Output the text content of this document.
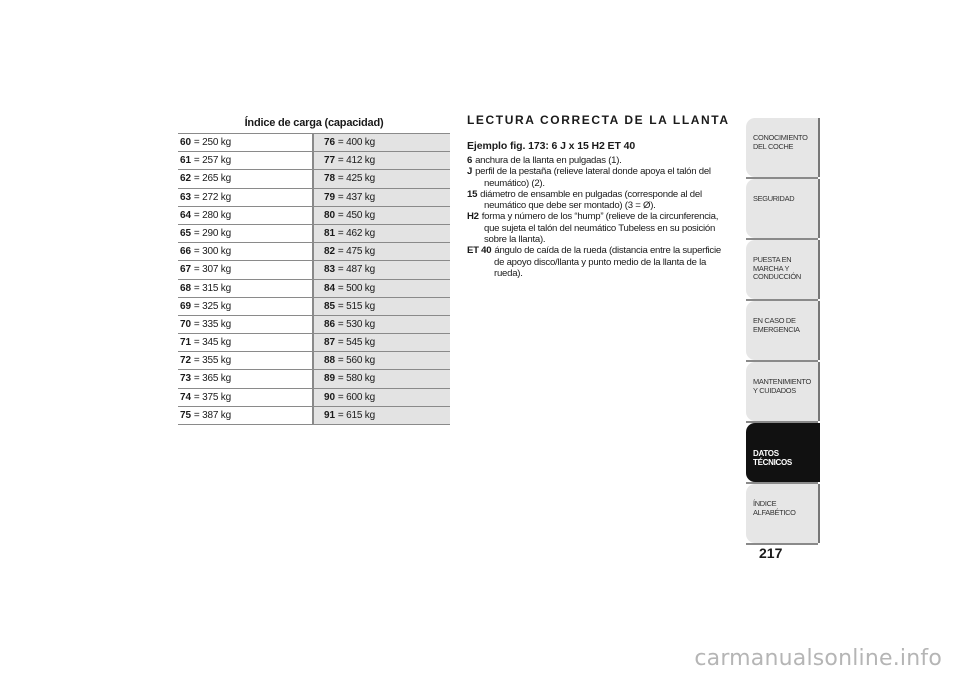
Índice de carga (capacidad)
60 = 250 kg	76 = 400 kg
61 = 257 kg	77 = 412 kg
62 = 265 kg	78 = 425 kg
63 = 272 kg	79 = 437 kg
64 = 280 kg	80 = 450 kg
65 = 290 kg	81 = 462 kg
66 = 300 kg	82 = 475 kg
67 = 307 kg	83 = 487 kg
68 = 315 kg	84 = 500 kg
69 = 325 kg	85 = 515 kg
70 = 335 kg	86 = 530 kg
71 = 345 kg	87 = 545 kg
72 = 355 kg	88 = 560 kg
73 = 365 kg	89 = 580 kg
74 = 375 kg	90 = 600 kg
75 = 387 kg	91 = 615 kg
LECTURA CORRECTA DE LA LLANTA
Ejemplo fig. 173: 6 J x 15 H2 ET 40

6 anchura de la llanta en pulgadas (1).

J perfil de la pestaña (relieve lateral donde apoya el talón del neumático) (2).

15 diámetro de ensamble en pulgadas (corresponde al del neumático que debe ser montado) (3 = Ø).

H2 forma y número de los “hump” (relieve de la circunferencia, que sujeta el talón del neumático Tubeless en su posición sobre la llanta).

ET 40 ángulo de caída de la rueda (distancia entre la superficie de apoyo disco/llanta y punto medio de la llanta de la rueda).

CONOCIMIENTO DEL COCHE
SEGURIDAD
PUESTA EN MARCHA Y CONDUCCIÓN
EN CASO DE EMERGENCIA
MANTENIMIENTO Y CUIDADOS
DATOS TÉCNICOS
ÍNDICE ALFABÉTICO
217
carmanualsonline.info
